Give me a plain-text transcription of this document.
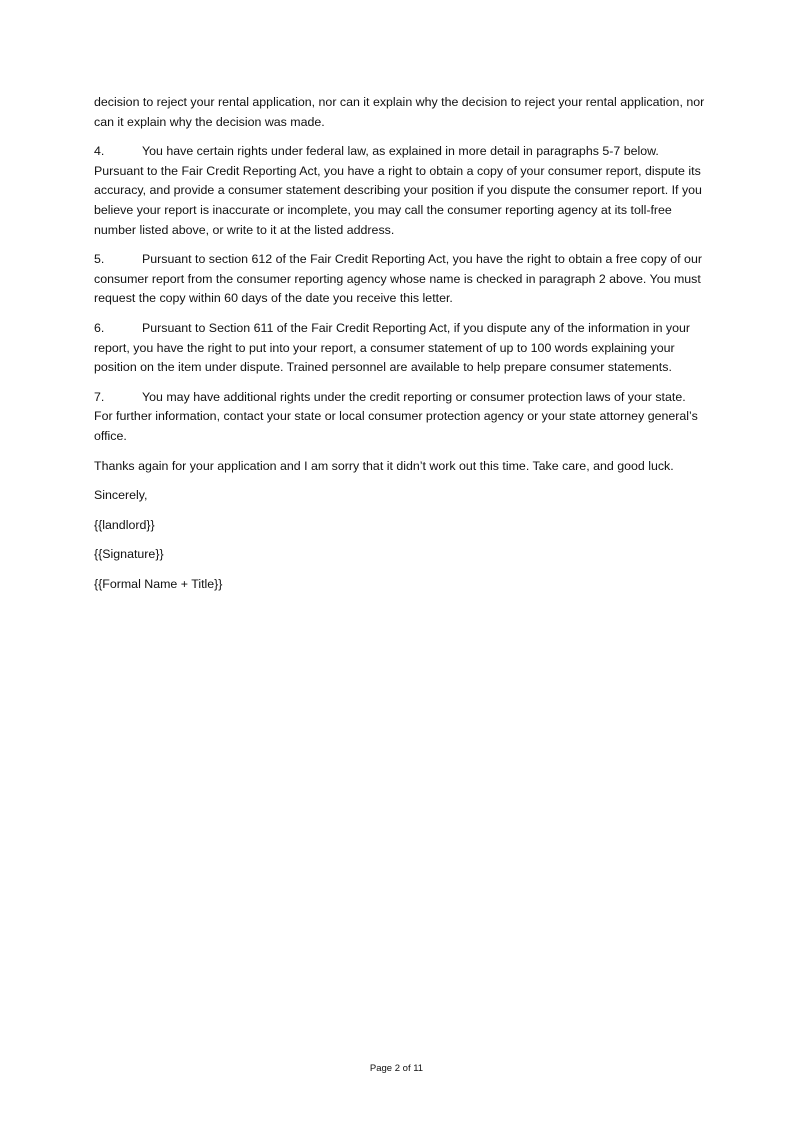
decision to reject your rental application, nor can it explain why the decision to reject your rental application, nor can it explain why the decision was made.

4.	You have certain rights under federal law, as explained in more detail in paragraphs 5-7 below. Pursuant to the Fair Credit Reporting Act, you have a right to obtain a copy of your consumer report, dispute its accuracy, and provide a consumer statement describing your position if you dispute the consumer report. If you believe your report is inaccurate or incomplete, you may call the consumer reporting agency at its toll-free number listed above, or write to it at the listed address.

5.	Pursuant to section 612 of the Fair Credit Reporting Act, you have the right to obtain a free copy of our consumer report from the consumer reporting agency whose name is checked in paragraph 2 above. You must request the copy within 60 days of the date you receive this letter.

6.	Pursuant to Section 611 of the Fair Credit Reporting Act, if you dispute any of the information in your report, you have the right to put into your report, a consumer statement of up to 100 words explaining your position on the item under dispute. Trained personnel are available to help prepare consumer statements.

7.	You may have additional rights under the credit reporting or consumer protection laws of your state. For further information, contact your state or local consumer protection agency or your state attorney general’s office.

Thanks again for your application and I am sorry that it didn’t work out this time. Take care, and good luck.

Sincerely,

{{landlord}}

{{Signature}}

{{Formal Name + Title}}

Page 2 of 11
